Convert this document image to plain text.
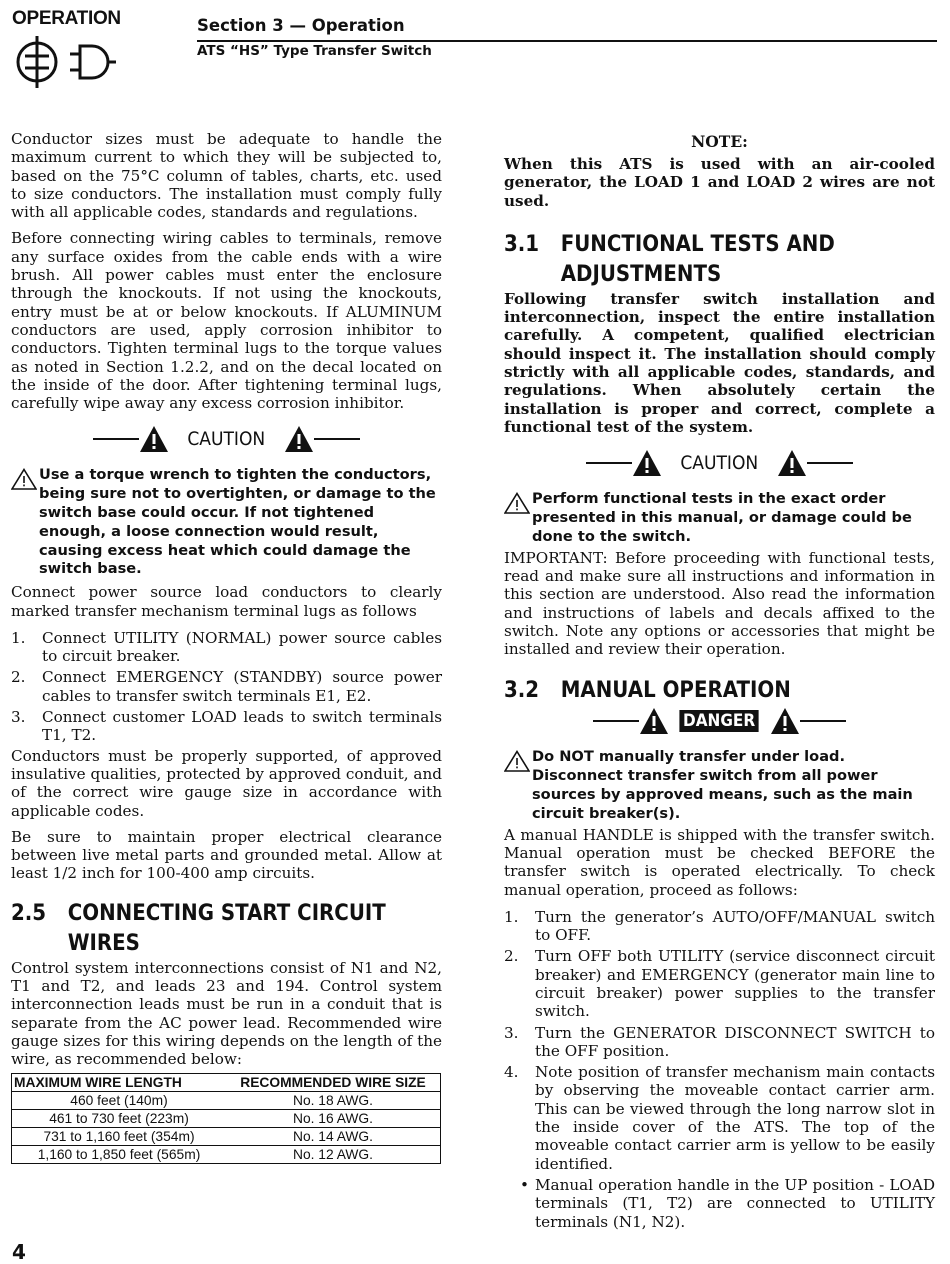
OPERATION	Section 3 — Operation
ATS “HS” Type Transfer Switch

Conductor sizes must be adequate to handle the maximum current to which they will be subjected to, based on the 75°C column of tables, charts, etc. used to size conductors. The installation must comply fully with all applicable codes, standards and regulations.

Before connecting wiring cables to terminals, remove any surface oxides from the cable ends with a wire brush. All power cables must enter the enclosure through the knockouts. If not using the knockouts, entry must be at or below knockouts. If ALUMINUM conductors are used, apply corrosion inhibitor to conductors. Tighten terminal lugs to the torque values as noted in Section 1.2.2, and on the decal located on the inside of the door. After tightening terminal lugs, carefully wipe away any excess corrosion inhibitor.

CAUTION
Use a torque wrench to tighten the conductors, being sure not to overtighten, or damage to the switch base could occur. If not tightened enough, a loose connection would result, causing excess heat which could damage the switch base.

Connect power source load conductors to clearly marked transfer mechanism terminal lugs as follows

1.	Connect UTILITY (NORMAL) power source cables to circuit breaker.
2.	Connect EMERGENCY (STANDBY) source power cables to transfer switch terminals E1, E2.
3.	Connect customer LOAD leads to switch terminals T1, T2.

Conductors must be properly supported, of approved insulative qualities, protected by approved conduit, and of the correct wire gauge size in accordance with applicable codes.

Be sure to maintain proper electrical clearance between live metal parts and grounded metal. Allow at least 1/2 inch for 100-400 amp circuits.

2.5 CONNECTING START CIRCUIT WIRES

Control system interconnections consist of N1 and N2, T1 and T2, and leads 23 and 194. Control system interconnection leads must be run in a conduit that is separate from the AC power lead. Recommended wire gauge sizes for this wiring depends on the length of the wire, as recommended below:

MAXIMUM WIRE LENGTH	RECOMMENDED WIRE SIZE
460 feet (140m)	No. 18 AWG.
461 to 730 feet (223m)	No. 16 AWG.
731 to 1,160 feet (354m)	No. 14 AWG.
1,160 to 1,850 feet (565m)	No. 12 AWG.
NOTE:

When this ATS is used with an air-cooled generator, the LOAD 1 and LOAD 2 wires are not used.

3.1 FUNCTIONAL TESTS AND ADJUSTMENTS

Following transfer switch installation and interconnection, inspect the entire installation carefully. A competent, qualified electrician should inspect it. The installation should comply strictly with all applicable codes, standards, and regulations. When absolutely certain the installation is proper and correct, complete a functional test of the system.

CAUTION
Perform functional tests in the exact order presented in this manual, or damage could be done to the switch.

IMPORTANT: Before proceeding with functional tests, read and make sure all instructions and information in this section are understood. Also read the information and instructions of labels and decals affixed to the switch. Note any options or accessories that might be installed and review their operation.

3.2 MANUAL OPERATION
DANGER
Do NOT manually transfer under load. Disconnect transfer switch from all power sources by approved means, such as the main circuit breaker(s).

A manual HANDLE is shipped with the transfer switch. Manual operation must be checked BEFORE the transfer switch is operated electrically. To check manual operation, proceed as follows:

1.	Turn the generator’s AUTO/OFF/MANUAL switch to OFF.
2.	Turn OFF both UTILITY (service disconnect circuit breaker) and EMERGENCY (generator main line to circuit breaker) power supplies to the transfer switch.
3.	Turn the GENERATOR DISCONNECT SWITCH to the OFF position.
4.	Note position of transfer mechanism main contacts by observing the moveable contact carrier arm. This can be viewed through the long narrow slot in the inside cover of the ATS. The top of the moveable contact carrier arm is yellow to be easily identified.
• Manual operation handle in the UP position - LOAD terminals (T1, T2) are connected to UTILITY terminals (N1, N2).
4
